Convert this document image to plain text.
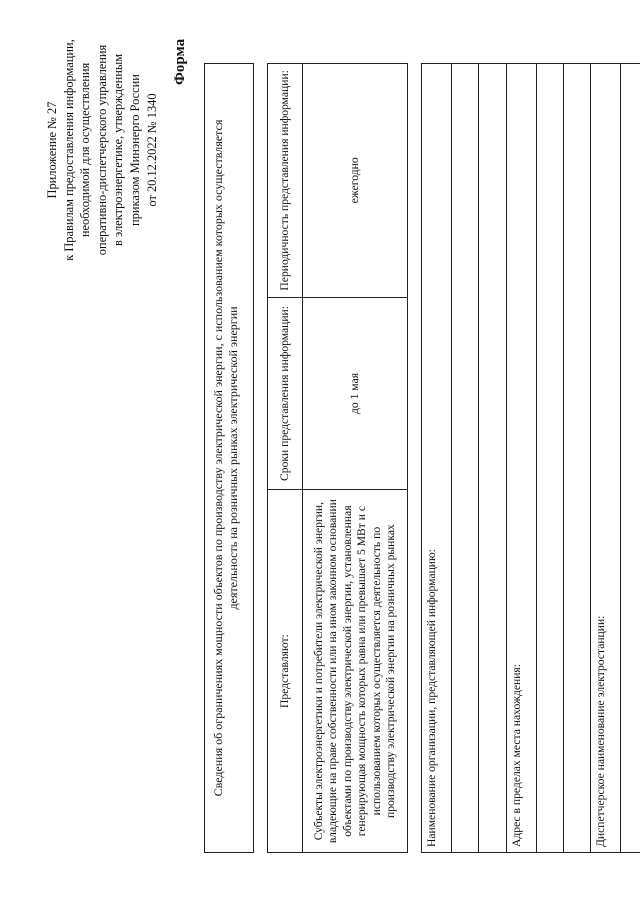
Приложение № 27 к Правилам предоставления информации, необходимой для осуществления оперативно-диспетчерского управления в электроэнергетике, утвержденным приказом Минэнерго России от 20.12.2022 № 1340
Форма
Сведения об ограничениях мощности объектов по производству электрической энергии, с использованием которых осуществляется деятельность на розничных рынках электрической энергии
Представляют:	Сроки представления информации:	Периодичность представления информации:
Субъекты электроэнергетики и потребители электрической энергии, владеющие на праве собственности или на ином законном основании объектами по производству электрической энергии, установленная генерирующая мощность которых равна или превышает 5 МВт и с использованием которых осуществляется деятельность по производству электрической энергии на розничных рынках	до 1 мая	ежегодно
Наименование организации, представляющей информацию:

Адрес в пределах места нахождения:

Диспетчерское наименование электростанции:
